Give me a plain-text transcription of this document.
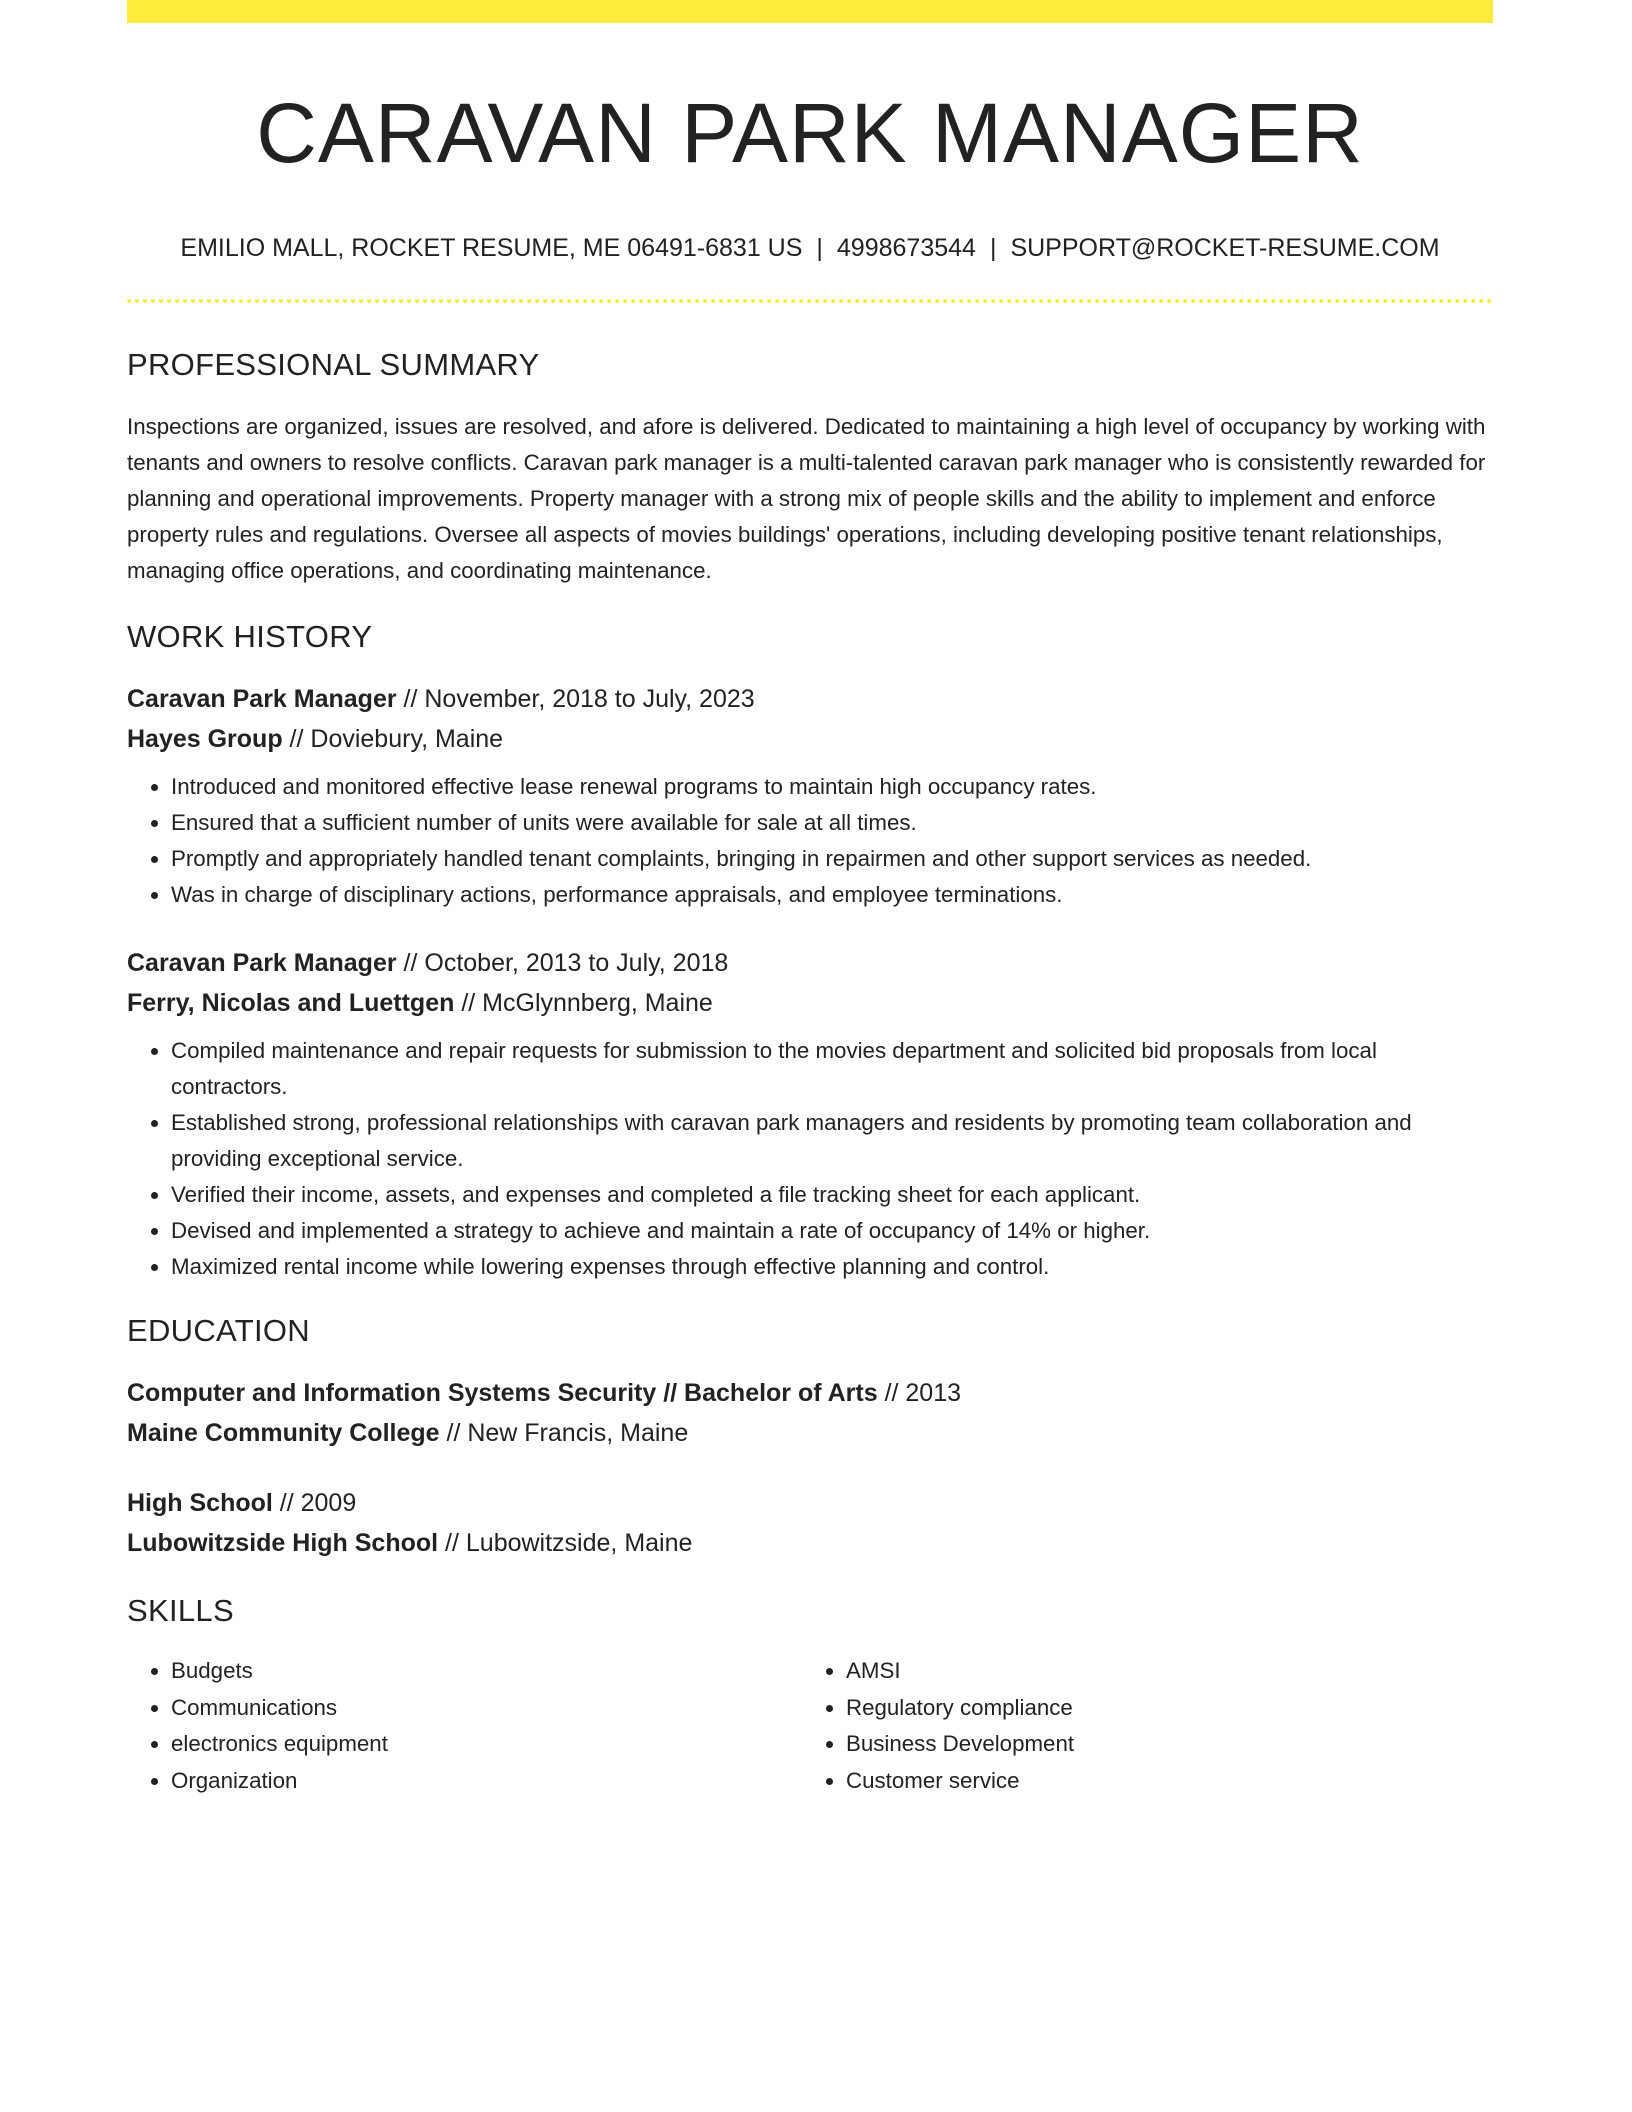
CARAVAN PARK MANAGER
EMILIO MALL, ROCKET RESUME, ME 06491-6831 US | 4998673544 | SUPPORT@ROCKET-RESUME.COM
PROFESSIONAL SUMMARY
Inspections are organized, issues are resolved, and afore is delivered. Dedicated to maintaining a high level of occupancy by working with tenants and owners to resolve conflicts. Caravan park manager is a multi-talented caravan park manager who is consistently rewarded for planning and operational improvements. Property manager with a strong mix of people skills and the ability to implement and enforce property rules and regulations. Oversee all aspects of movies buildings' operations, including developing positive tenant relationships, managing office operations, and coordinating maintenance.
WORK HISTORY
Caravan Park Manager // November, 2018 to July, 2023
Hayes Group // Doviebury, Maine
• Introduced and monitored effective lease renewal programs to maintain high occupancy rates.
• Ensured that a sufficient number of units were available for sale at all times.
• Promptly and appropriately handled tenant complaints, bringing in repairmen and other support services as needed.
• Was in charge of disciplinary actions, performance appraisals, and employee terminations.
Caravan Park Manager // October, 2013 to July, 2018
Ferry, Nicolas and Luettgen // McGlynnberg, Maine
• Compiled maintenance and repair requests for submission to the movies department and solicited bid proposals from local contractors.
• Established strong, professional relationships with caravan park managers and residents by promoting team collaboration and providing exceptional service.
• Verified their income, assets, and expenses and completed a file tracking sheet for each applicant.
• Devised and implemented a strategy to achieve and maintain a rate of occupancy of 14% or higher.
• Maximized rental income while lowering expenses through effective planning and control.
EDUCATION
Computer and Information Systems Security // Bachelor of Arts // 2013
Maine Community College // New Francis, Maine
High School // 2009
Lubowitzside High School // Lubowitzside, Maine
SKILLS
• Budgets
• Communications
• electronics equipment
• Organization
• AMSI
• Regulatory compliance
• Business Development
• Customer service
